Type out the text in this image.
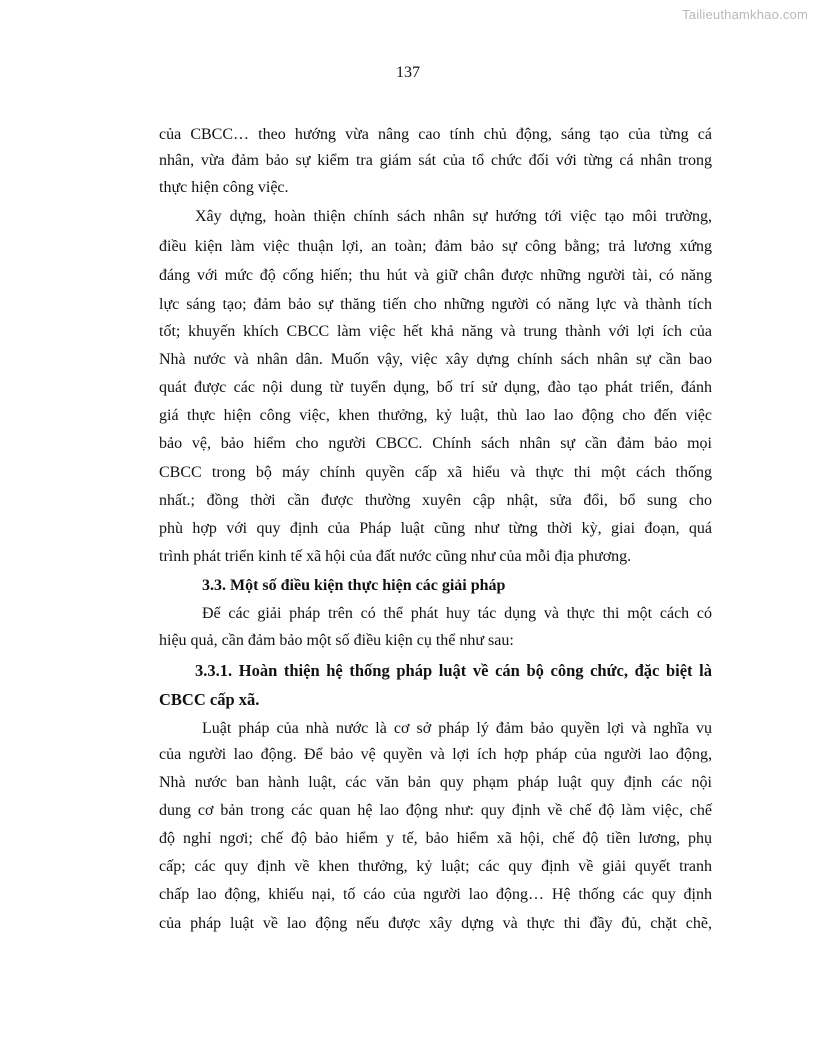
Tailieuthamkhao.com
137
của CBCC… theo hướng vừa nâng cao tính chủ động, sáng tạo của từng cá
nhân, vừa đảm bảo sự kiểm tra giám sát của tổ chức đối với từng cá nhân trong
thực hiện công việc.
Xây dựng, hoàn thiện chính sách nhân sự hướng tới việc tạo môi trường,
điều kiện làm việc thuận lợi, an toàn; đảm bảo sự công bằng; trả lương xứng
đáng với mức độ cống hiến; thu hút và giữ chân được những người tài, có năng
lực sáng tạo; đảm bảo sự thăng tiến cho những người có năng lực và thành tích
tốt; khuyến khích CBCC làm việc hết khả năng và trung thành với lợi ích của
Nhà nước và nhân dân. Muốn vậy, việc xây dựng chính sách nhân sự cần bao
quát được các nội dung từ tuyển dụng, bố trí sử dụng, đào tạo phát triển, đánh
giá thực hiện công việc, khen thưởng, kỷ luật, thù lao lao động cho đến việc
bảo vệ, bảo hiểm cho người CBCC. Chính sách nhân sự cần đảm bảo mọi
CBCC trong bộ máy chính quyền cấp xã hiểu và thực thi một cách thống
nhất.; đồng thời cần được thường xuyên cập nhật, sửa đổi, bổ sung cho
phù hợp với quy định của Pháp luật cũng như từng thời kỳ, giai đoạn, quá
trình phát triển kinh tế xã hội của đất nước cũng như của mỗi địa phương.
3.3. Một số điều kiện thực hiện các giải pháp
Để các giải pháp trên có thể phát huy tác dụng và thực thi một cách có
hiệu quả, cần đảm bảo một số điều kiện cụ thể như sau:
3.3.1. Hoàn thiện hệ thống pháp luật về cán bộ công chức, đặc biệt là
CBCC cấp xã.
Luật pháp của nhà nước là cơ sở pháp lý đảm bảo quyền lợi và nghĩa vụ
của người lao động. Để bảo vệ quyền và lợi ích hợp pháp của người lao động,
Nhà nước ban hành luật, các văn bản quy phạm pháp luật quy định các nội
dung cơ bản trong các quan hệ lao động như: quy định về chế độ làm việc, chế
độ nghỉ ngơi; chế độ bảo hiểm y tế, bảo hiểm xã hội, chế độ tiền lương, phụ
cấp; các quy định về khen thưởng, kỷ luật; các quy định về giải quyết tranh
chấp lao động, khiếu nại, tố cáo của người lao động… Hệ thống các quy định
của pháp luật về lao động nếu được xây dựng và thực thi đầy đủ, chặt chẽ,
